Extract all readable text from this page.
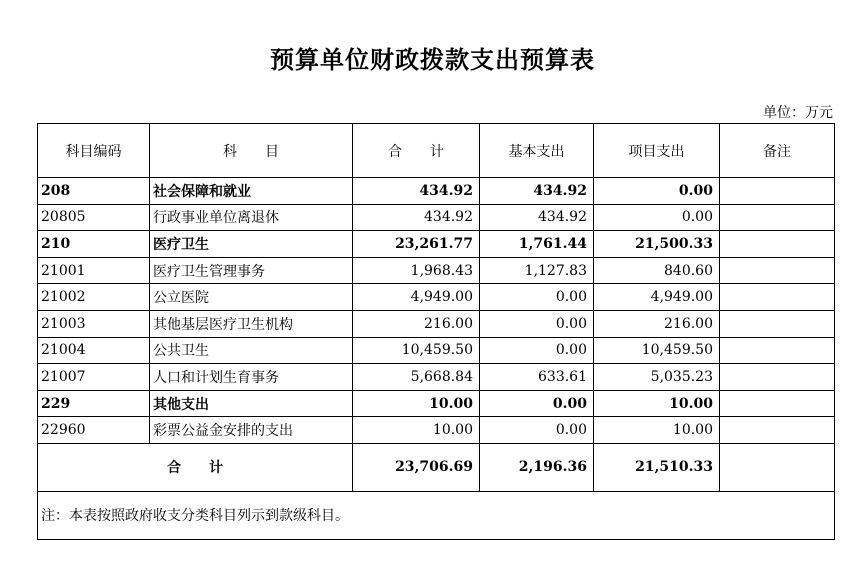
预算单位财政拨款支出预算表
单位：万元
科目编码	科　　目	合　　计	基本支出	项目支出	备注
208	社会保障和就业	434.92	434.92	0.00	
20805	行政事业单位离退休	434.92	434.92	0.00	
210	医疗卫生	23,261.77	1,761.44	21,500.33	
21001	医疗卫生管理事务	1,968.43	1,127.83	840.60	
21002	公立医院	4,949.00	0.00	4,949.00	
21003	其他基层医疗卫生机构	216.00	0.00	216.00	
21004	公共卫生	10,459.50	0.00	10,459.50	
21007	人口和计划生育事务	5,668.84	633.61	5,035.23	
229	其他支出	10.00	0.00	10.00	
22960	彩票公益金安排的支出	10.00	0.00	10.00	
合　　计		23,706.69	2,196.36	21,510.33	
注：本表按照政府收支分类科目列示到款级科目。					
